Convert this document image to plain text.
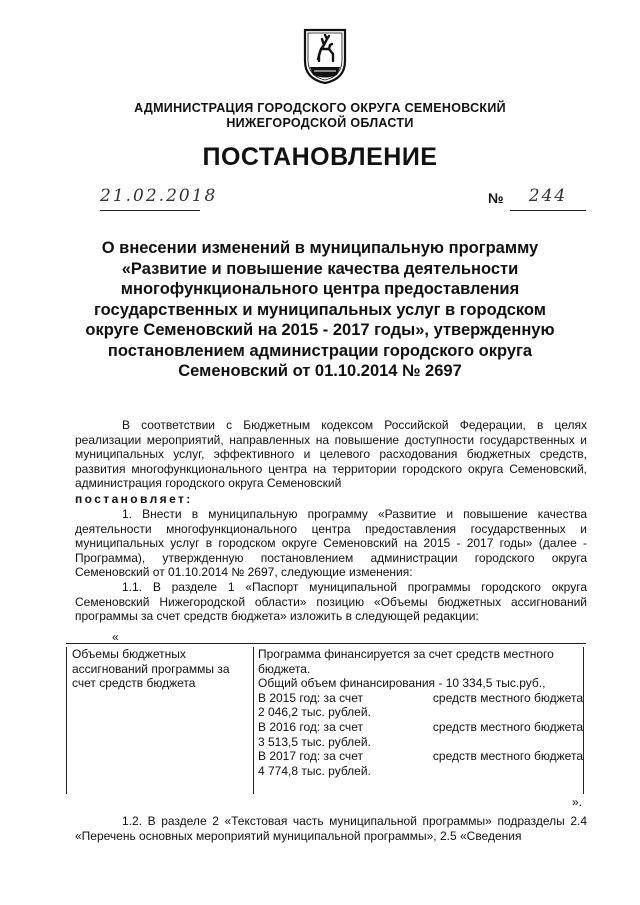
АДМИНИСТРАЦИЯ ГОРОДСКОГО ОКРУГА СЕМЕНОВСКИЙ
НИЖЕГОРОДСКОЙ ОБЛАСТИ
ПОСТАНОВЛЕНИЕ
21.02.2018	№	244
О внесении изменений в муниципальную программу
«Развитие и повышение качества деятельности
многофункционального центра предоставления
государственных и муниципальных услуг в городском
округе Семеновский на 2015 - 2017 годы», утвержденную
постановлением администрации городского округа
Семеновский от 01.10.2014 № 2697
В соответствии с Бюджетным кодексом Российской Федерации, в целях реализации мероприятий, направленных на повышение доступности государственных и муниципальных услуг, эффективного и целевого расходования бюджетных средств, развития многофункционального центра на территории городского округа Семеновский, администрация городского округа Семеновский
постановляет:
1. Внести в муниципальную программу «Развитие и повышение качества деятельности многофункционального центра предоставления государственных и муниципальных услуг в городском округе Семеновский на 2015 - 2017 годы» (далее - Программа), утвержденную постановлением администрации городского округа Семеновский от 01.10.2014 № 2697, следующие изменения:
1.1. В разделе 1 «Паспорт муниципальной программы городского округа Семеновский Нижегородской области» позицию «Объемы бюджетных ассигнований программы за счет средств бюджета» изложить в следующей редакции:
«
Объемы бюджетных ассигнований программы за счет средств бюджета
Программа финансируется за счет средств местного бюджета.
Общий объем финансирования - 10 334,5 тыс.руб.,
В 2015 год: за счет	средств местного бюджета
2 046,2 тыс. рублей.
В 2016 год: за счет	средств местного бюджета
3 513,5 тыс. рублей.
В 2017 год: за счет	средств местного бюджета
4 774,8 тыс. рублей.
».
1.2. В разделе 2 «Текстовая часть муниципальной программы» подразделы 2.4 «Перечень основных мероприятий муниципальной программы», 2.5 «Сведения
